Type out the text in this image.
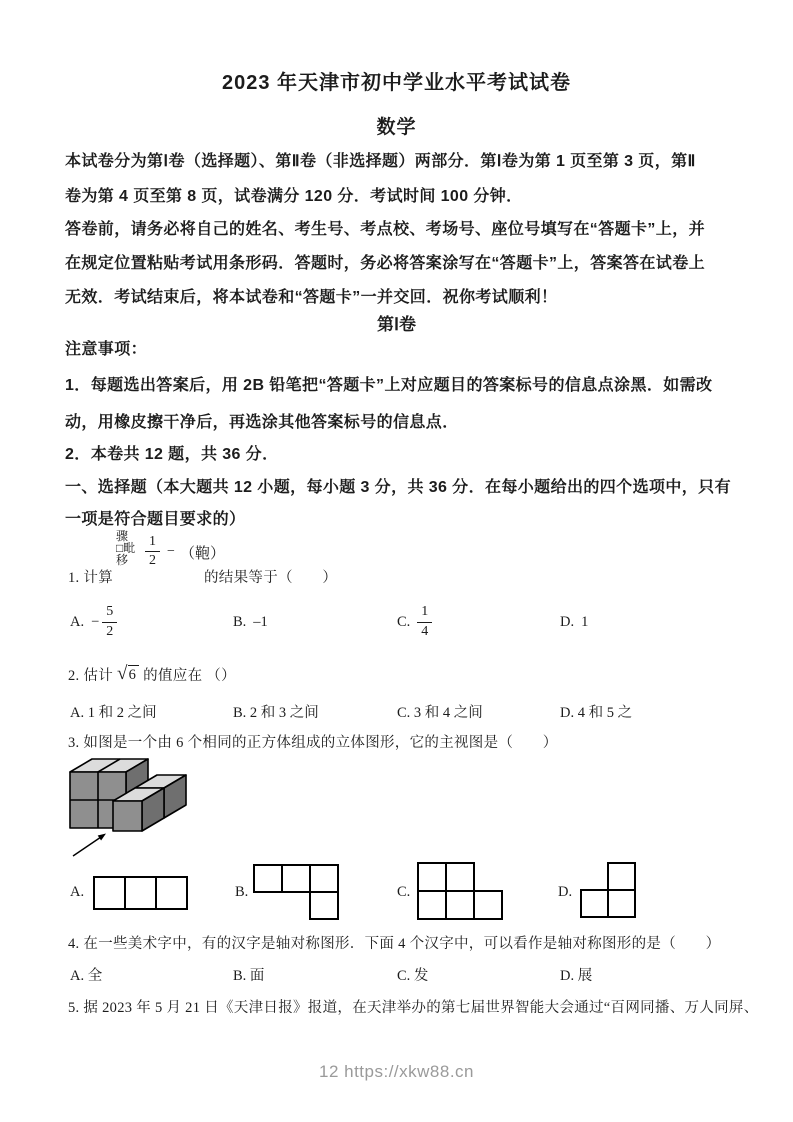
2023 年天津市初中学业水平考试试卷
数学
本试卷分为第Ⅰ卷（选择题）、第Ⅱ卷（非选择题）两部分．第Ⅰ卷为第 1 页至第 3 页，第Ⅱ
卷为第 4 页至第 8 页，试卷满分 120 分．考试时间 100 分钟．
答卷前，请务必将自己的姓名、考生号、考点校、考场号、座位号填写在“答题卡”上，并
在规定位置粘贴考试用条形码．答题时，务必将答案涂写在“答题卡”上，答案答在试卷上
无效．考试结束后，将本试卷和“答题卡”一并交回．祝你考试顺利！
第Ⅰ卷
注意事项：
1．每题选出答案后，用 2B 铅笔把“答题卡”上对应题目的答案标号的信息点涂黑．如需改
动，用橡皮擦干净后，再选涂其他答案标号的信息点．
2．本卷共 12 题，共 36 分．
一、选择题（本大题共 12 小题，每小题 3 分，共 36 分．在每小题给出的四个选项中，只有
一项是符合题目要求的）
1. 计算
骤
□毗
移	$\frac{1}{2}$ − （鞄）
的结果等于（　　）
A. − $\frac{5}{2}$	B. –1	C. $\frac{1}{4}$	D. 1
2. 估计 √ 6 的值应在 （）
A. 1 和 2 之间	B. 2 和 3 之间	C. 3 和 4 之间	D. 4 和 5 之
3. 如图是一个由 6 个相同的正方体组成的立体图形，它的主视图是（　　）
A.	B.	C.	D.
4. 在一些美术字中，有的汉字是轴对称图形．下面 4 个汉字中，可以看作是轴对称图形的是（　　）
A. 全	B. 面	C. 发	D. 展
5. 据 2023 年 5 月 21 日《天津日报》报道，在天津举办的第七届世界智能大会通过“百网同播、万人同屏、
12 https://xkw88.cn
